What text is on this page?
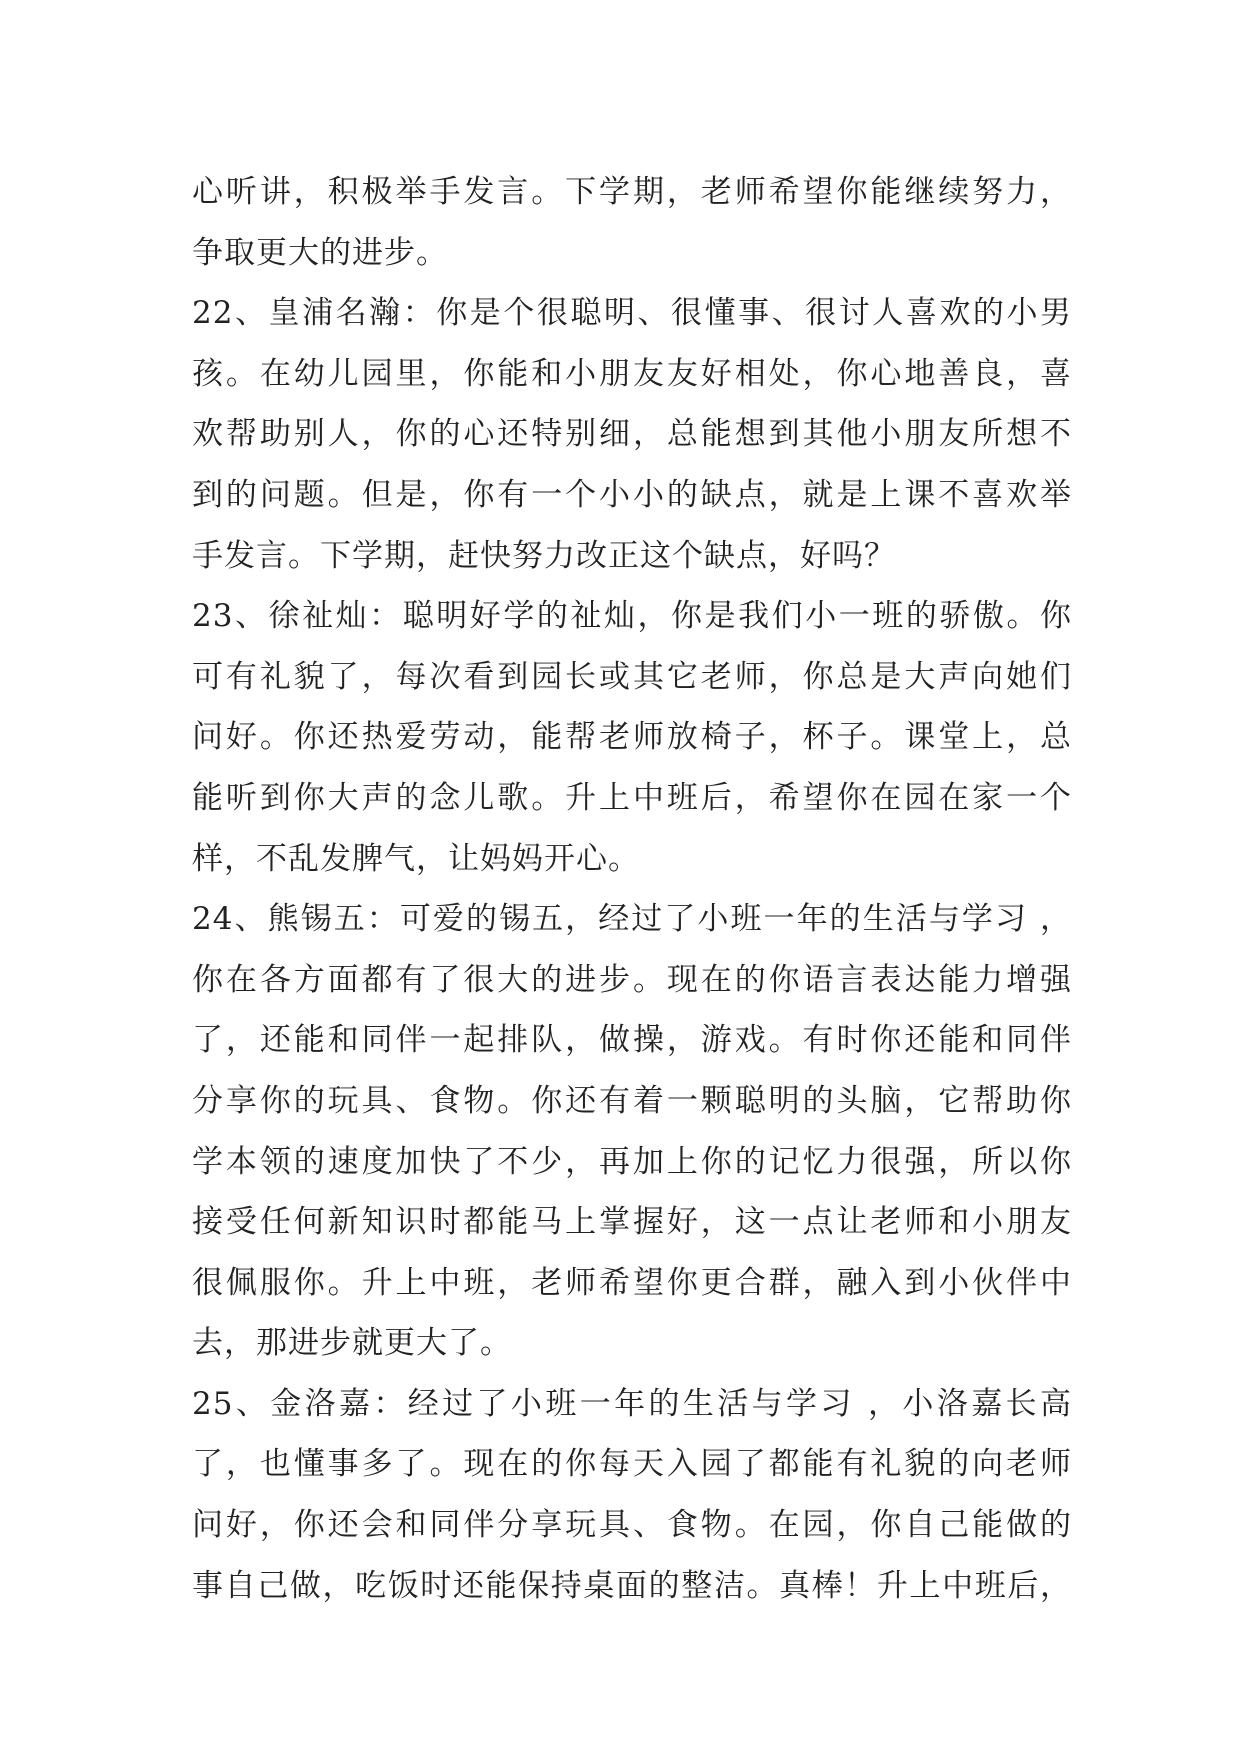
心听讲，积极举手发言。下学期，老师希望你能继续努力，
争取更大的进步。
22、皇浦名瀚：你是个很聪明、很懂事、很讨人喜欢的小男
孩。在幼儿园里，你能和小朋友友好相处，你心地善良，喜
欢帮助别人，你的心还特别细，总能想到其他小朋友所想不
到的问题。但是，你有一个小小的缺点，就是上课不喜欢举
手发言。下学期，赶快努力改正这个缺点，好吗？
23、徐祉灿：聪明好学的祉灿，你是我们小一班的骄傲。你
可有礼貌了，每次看到园长或其它老师，你总是大声向她们
问好。你还热爱劳动，能帮老师放椅子，杯子。课堂上，总
能听到你大声的念儿歌。升上中班后，希望你在园在家一个
样，不乱发脾气，让妈妈开心。
24、熊锡五：可爱的锡五，经过了小班一年的生活与学习 ，
你在各方面都有了很大的进步。现在的你语言表达能力增强
了，还能和同伴一起排队，做操，游戏。有时你还能和同伴
分享你的玩具、食物。你还有着一颗聪明的头脑，它帮助你
学本领的速度加快了不少，再加上你的记忆力很强，所以你
接受任何新知识时都能马上掌握好，这一点让老师和小朋友
很佩服你。升上中班，老师希望你更合群，融入到小伙伴中
去，那进步就更大了。
25、金洛嘉：经过了小班一年的生活与学习 ，小洛嘉长高
了，也懂事多了。现在的你每天入园了都能有礼貌的向老师
问好，你还会和同伴分享玩具、食物。在园，你自己能做的
事自己做，吃饭时还能保持桌面的整洁。真棒！升上中班后，
